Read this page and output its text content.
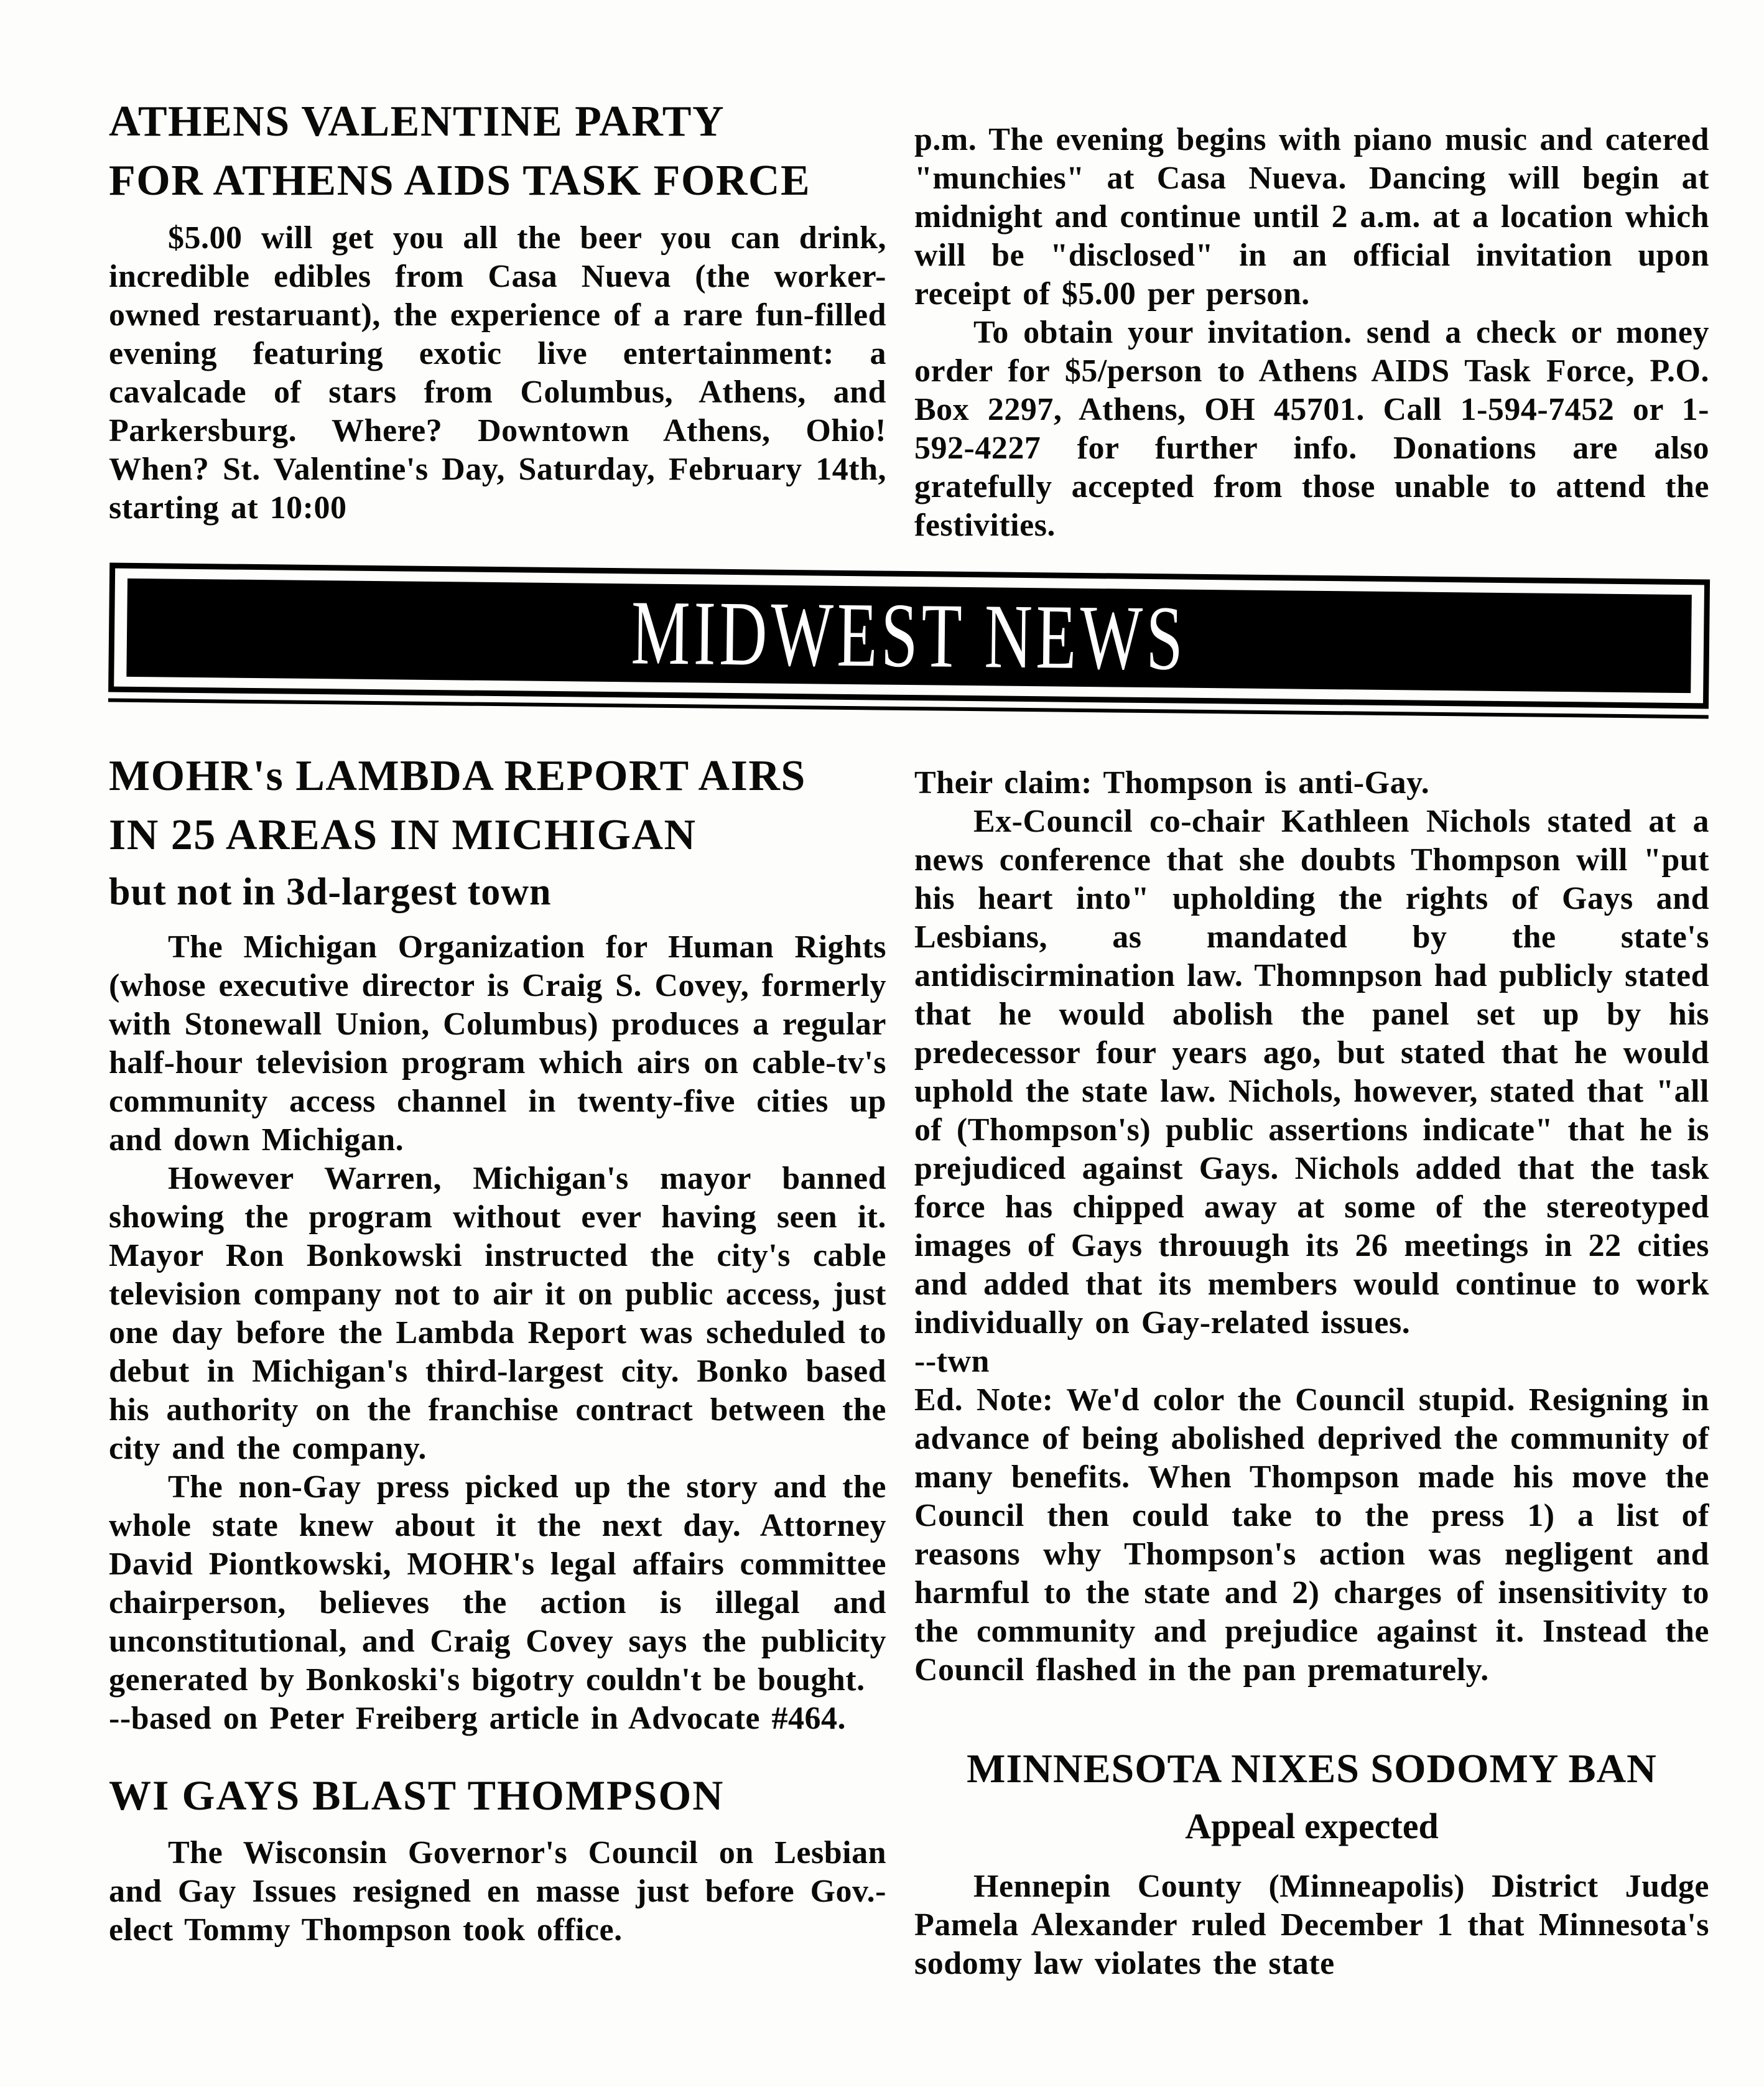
ATHENS VALENTINE PARTY
FOR ATHENS AIDS TASK FORCE

$5.00 will get you all the beer you can drink, incredible edibles from Casa Nueva (the worker-owned restaruant), the experience of a rare fun-filled evening featuring exotic live entertainment: a cavalcade of stars from Columbus, Athens, and Parkersburg. Where? Downtown Athens, Ohio! When? St. Valentine's Day, Saturday, February 14th, starting at 10:00

p.m. The evening begins with piano music and catered "munchies" at Casa Nueva. Dancing will begin at midnight and continue until 2 a.m. at a location which will be "disclosed" in an official invitation upon receipt of $5.00 per person.

To obtain your invitation. send a check or money order for $5/person to Athens AIDS Task Force, P.O. Box 2297, Athens, OH 45701. Call 1-594-7452 or 1-592-4227 for further info. Donations are also gratefully accepted from those unable to attend the festivities.

MIDWEST NEWS
MOHR's LAMBDA REPORT AIRS
IN 25 AREAS IN MICHIGAN
but not in 3d-largest town

The Michigan Organization for Human Rights (whose executive director is Craig S. Covey, formerly with Stonewall Union, Columbus) produces a regular half-hour television program which airs on cable-tv's community access channel in twenty-five cities up and down Michigan.

However Warren, Michigan's mayor banned showing the program without ever having seen it. Mayor Ron Bonkowski instructed the city's cable television company not to air it on public access, just one day before the Lambda Report was scheduled to debut in Michigan's third-largest city. Bonko based his authority on the franchise contract between the city and the company.

The non-Gay press picked up the story and the whole state knew about it the next day. Attorney David Piontkowski, MOHR's legal affairs committee chairperson, believes the action is illegal and unconstitutional, and Craig Covey says the publicity generated by Bonkoski's bigotry couldn't be bought.

--based on Peter Freiberg article in Advocate #464.

WI GAYS BLAST THOMPSON

The Wisconsin Governor's Council on Lesbian and Gay Issues resigned en masse just before Gov.-elect Tommy Thompson took office.

Their claim: Thompson is anti-Gay.

Ex-Council co-chair Kathleen Nichols stated at a news conference that she doubts Thompson will "put his heart into" upholding the rights of Gays and Lesbians, as mandated by the state's antidiscirmination law. Thomnpson had publicly stated that he would abolish the panel set up by his predecessor four years ago, but stated that he would uphold the state law. Nichols, however, stated that "all of (Thompson's) public assertions indicate" that he is prejudiced against Gays. Nichols added that the task force has chipped away at some of the stereotyped images of Gays throuugh its 26 meetings in 22 cities and added that its members would continue to work individually on Gay-related issues.

--twn

Ed. Note: We'd color the Council stupid. Resigning in advance of being abolished deprived the community of many benefits. When Thompson made his move the Council then could take to the press 1) a list of reasons why Thompson's action was negligent and harmful to the state and 2) charges of insensitivity to the community and prejudice against it. Instead the Council flashed in the pan prematurely.

MINNESOTA NIXES SODOMY BAN
Appeal expected

Hennepin County (Minneapolis) District Judge Pamela Alexander ruled December 1 that Minnesota's sodomy law violates the state
